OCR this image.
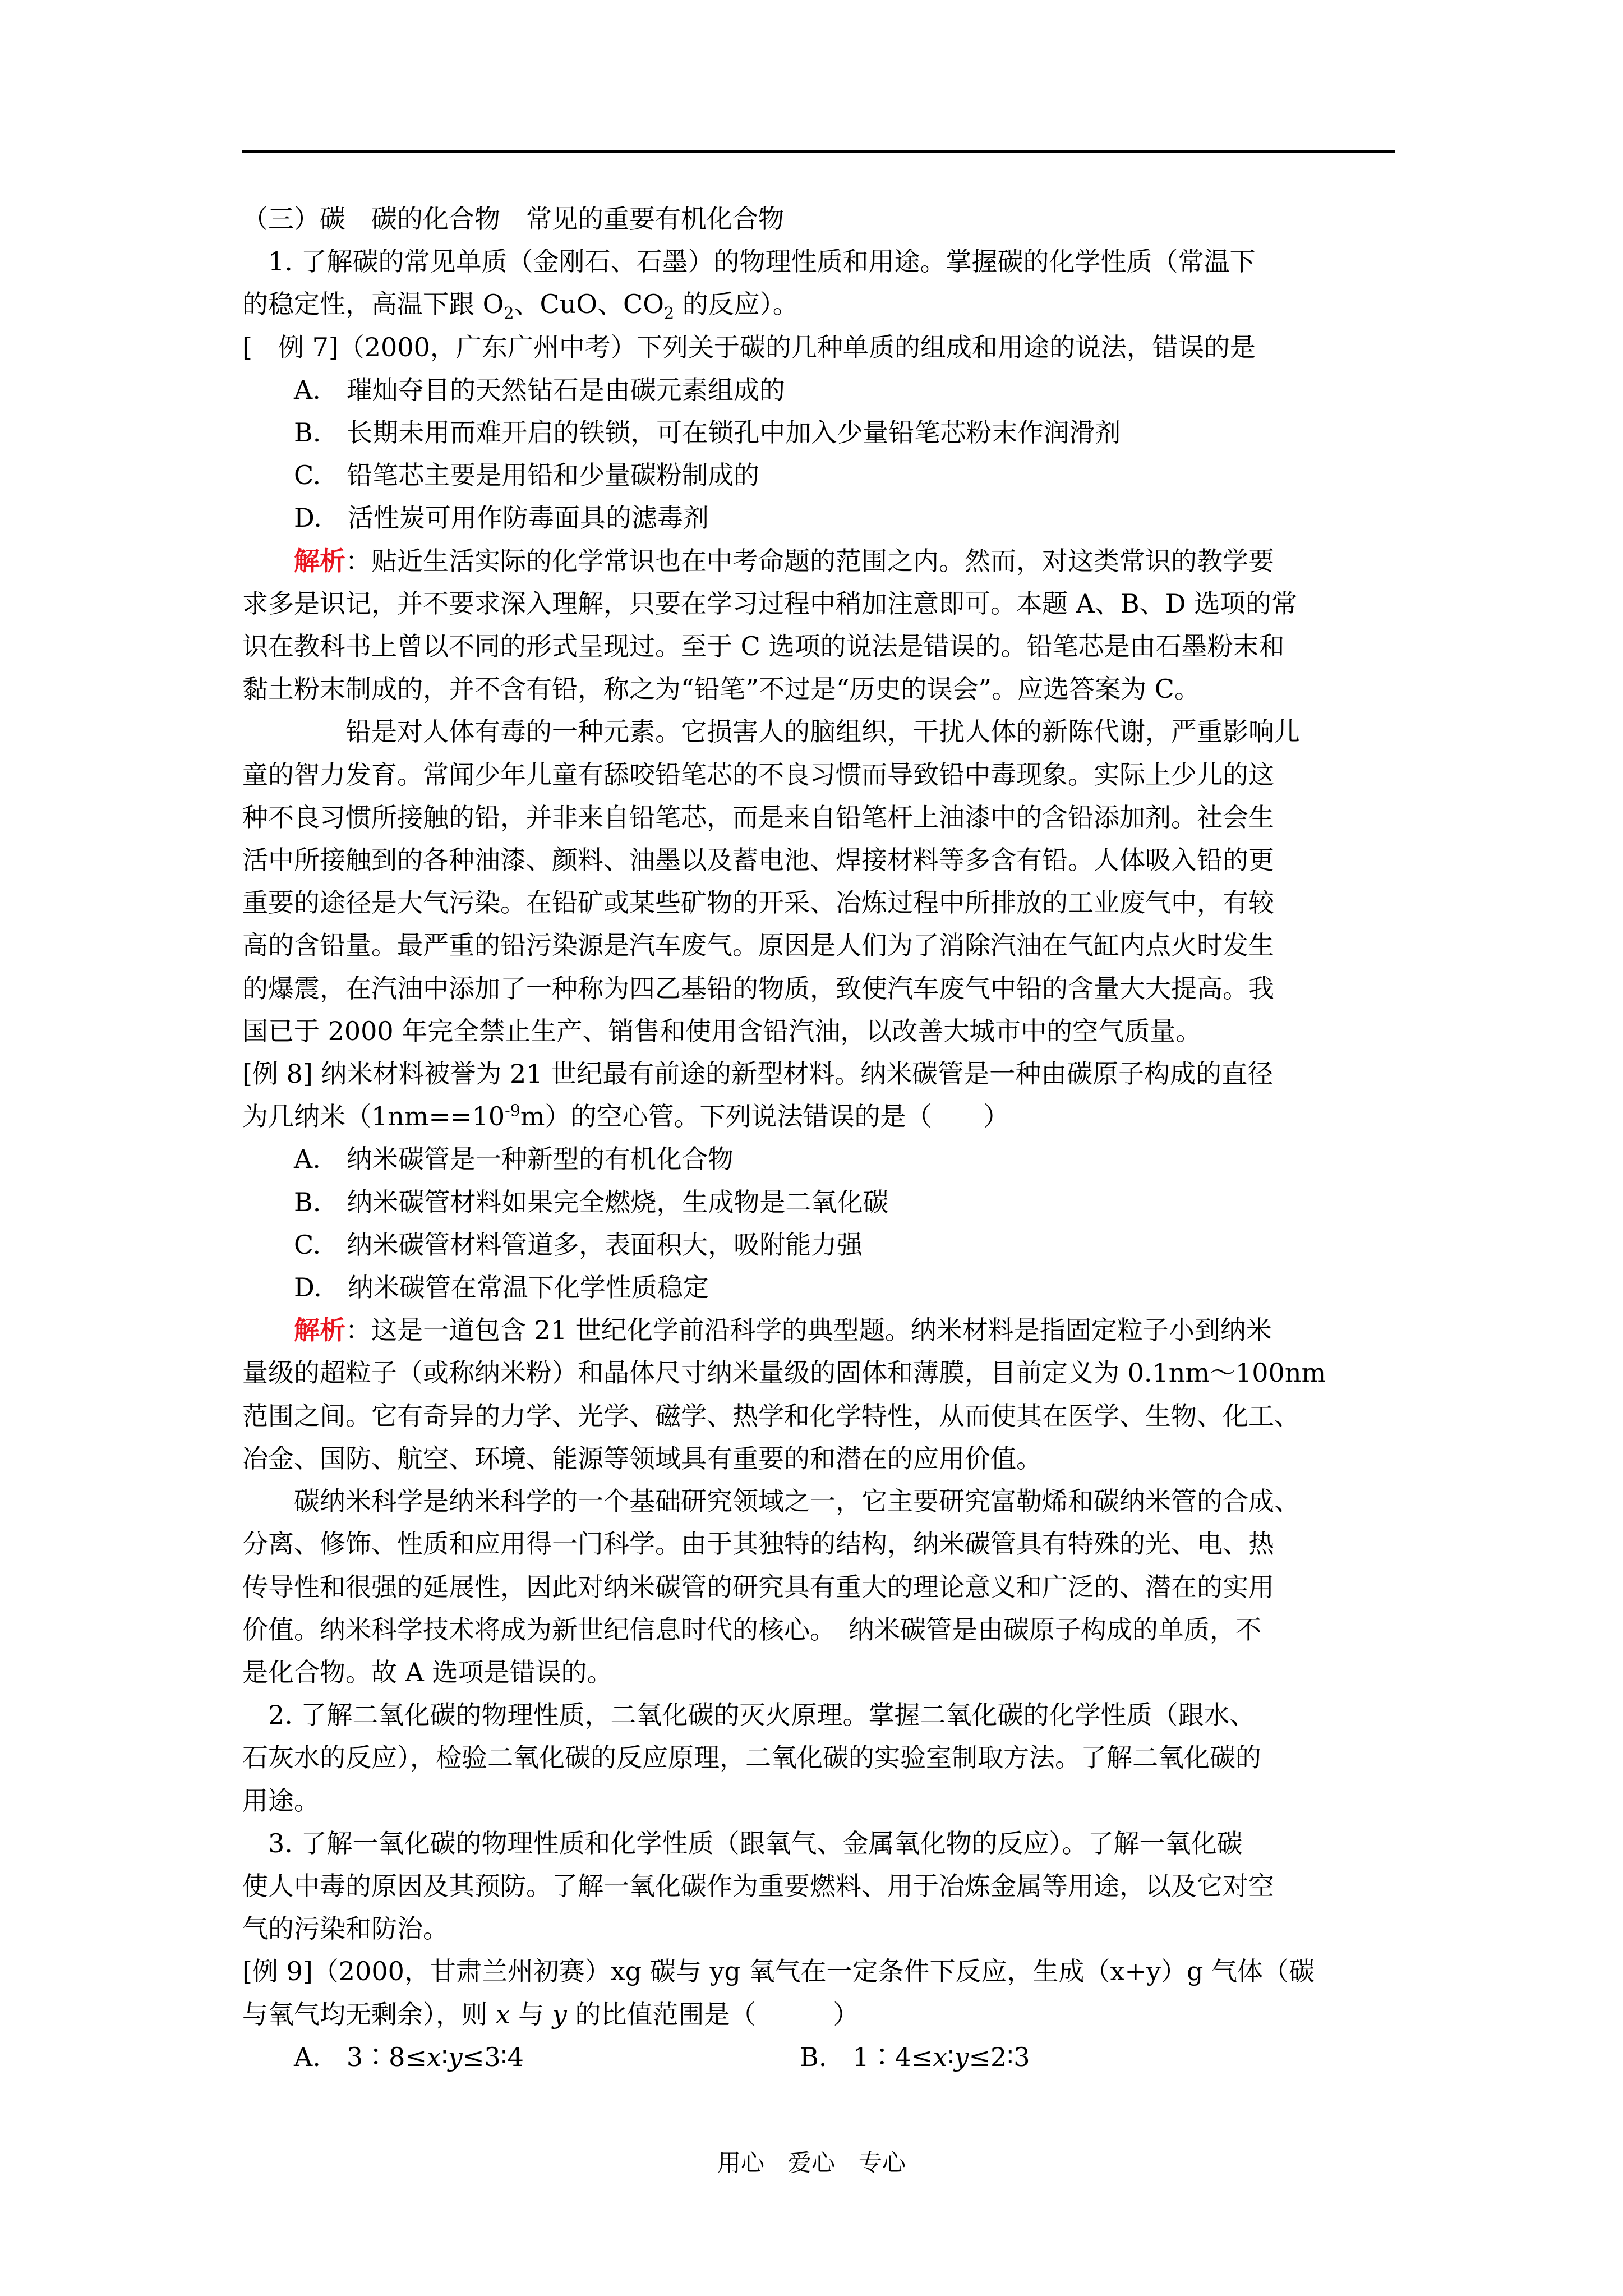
（三）碳　碳的化合物　常见的重要有机化合物

1. 了解碳的常见单质（金刚石、石墨）的物理性质和用途。掌握碳的化学性质（常温下
的稳定性，高温下跟 $O_2$、CuO、$CO_2$ 的反应）。

[　例 7]（2000，广东广州中考）下列关于碳的几种单质的组成和用途的说法，错误的是

A.　璀灿夺目的天然钻石是由碳元素组成的

B.　长期未用而难开启的铁锁，可在锁孔中加入少量铅笔芯粉末作润滑剂

C.　铅笔芯主要是用铅和少量碳粉制成的

D.　活性炭可用作防毒面具的滤毒剂

解析：贴近生活实际的化学常识也在中考命题的范围之内。然而，对这类常识的教学要
求多是识记，并不要求深入理解，只要在学习过程中稍加注意即可。本题 A、B、D 选项的常
识在教科书上曾以不同的形式呈现过。至于 C 选项的说法是错误的。铅笔芯是由石墨粉末和
黏土粉末制成的，并不含有铅，称之为“铅笔”不过是“历史的误会”。应选答案为 C。

铅是对人体有毒的一种元素。它损害人的脑组织，干扰人体的新陈代谢，严重影响儿
童的智力发育。常闻少年儿童有舔咬铅笔芯的不良习惯而导致铅中毒现象。实际上少儿的这
种不良习惯所接触的铅，并非来自铅笔芯，而是来自铅笔杆上油漆中的含铅添加剂。社会生
活中所接触到的各种油漆、颜料、油墨以及蓄电池、焊接材料等多含有铅。人体吸入铅的更
重要的途径是大气污染。在铅矿或某些矿物的开采、冶炼过程中所排放的工业废气中，有较
高的含铅量。最严重的铅污染源是汽车废气。原因是人们为了消除汽油在气缸内点火时发生
的爆震，在汽油中添加了一种称为四乙基铅的物质，致使汽车废气中铅的含量大大提高。我
国已于 2000 年完全禁止生产、销售和使用含铅汽油，以改善大城市中的空气质量。

[例 8] 纳米材料被誉为 21 世纪最有前途的新型材料。纳米碳管是一种由碳原子构成的直径
为几纳米$(1nm==10^{-9}m)$的空心管。下列说法错误的是（　　）

A.　纳米碳管是一种新型的有机化合物

B.　纳米碳管材料如果完全燃烧，生成物是二氧化碳

C.　纳米碳管材料管道多，表面积大，吸附能力强

D.　纳米碳管在常温下化学性质稳定

解析：这是一道包含 21 世纪化学前沿科学的典型题。纳米材料是指固定粒子小到纳米
量级的超粒子（或称纳米粉）和晶体尺寸纳米量级的固体和薄膜，目前定义为 0.1nm～100nm
范围之间。它有奇异的力学、光学、磁学、热学和化学特性，从而使其在医学、生物、化工、
冶金、国防、航空、环境、能源等领域具有重要的和潜在的应用价值。

碳纳米科学是纳米科学的一个基础研究领域之一，它主要研究富勒烯和碳纳米管的合成、
分离、修饰、性质和应用得一门科学。由于其独特的结构，纳米碳管具有特殊的光、电、热
传导性和很强的延展性，因此对纳米碳管的研究具有重大的理论意义和广泛的、潜在的实用
价值。纳米科学技术将成为新世纪信息时代的核心。　纳米碳管是由碳原子构成的单质，不
是化合物。故 A 选项是错误的。

2. 了解二氧化碳的物理性质，二氧化碳的灭火原理。掌握二氧化碳的化学性质（跟水、
石灰水的反应），检验二氧化碳的反应原理，二氧化碳的实验室制取方法。了解二氧化碳的
用途。

3. 了解一氧化碳的物理性质和化学性质（跟氧气、金属氧化物的反应）。了解一氧化碳
使人中毒的原因及其预防。了解一氧化碳作为重要燃料、用于冶炼金属等用途，以及它对空
气的污染和防治。

[例 9]（2000，甘肃兰州初赛）xg 碳与 yg 氧气在一定条件下反应，生成（x+y）g 气体（碳
与氧气均无剩余），则 x 与 y 的比值范围是（　　　）

A.　3∶8≤x∶y≤3∶4	B.　1∶4≤x∶y≤2∶3

用心　爱心　专心
